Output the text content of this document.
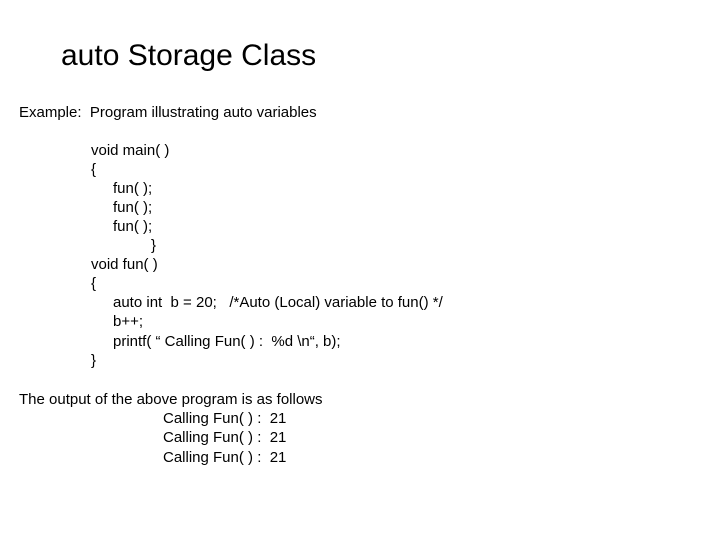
auto Storage Class
Example:  Program illustrating auto variables
void main( )
{
fun( );
fun( );
fun( );
}
void fun( )
{
auto int  b = 20;   /*Auto (Local) variable to fun() */
b++;
printf( “ Calling Fun( ) :  %d \n“, b);
}
The output of the above program is as follows
Calling Fun( ) :  21
Calling Fun( ) :  21
Calling Fun( ) :  21
